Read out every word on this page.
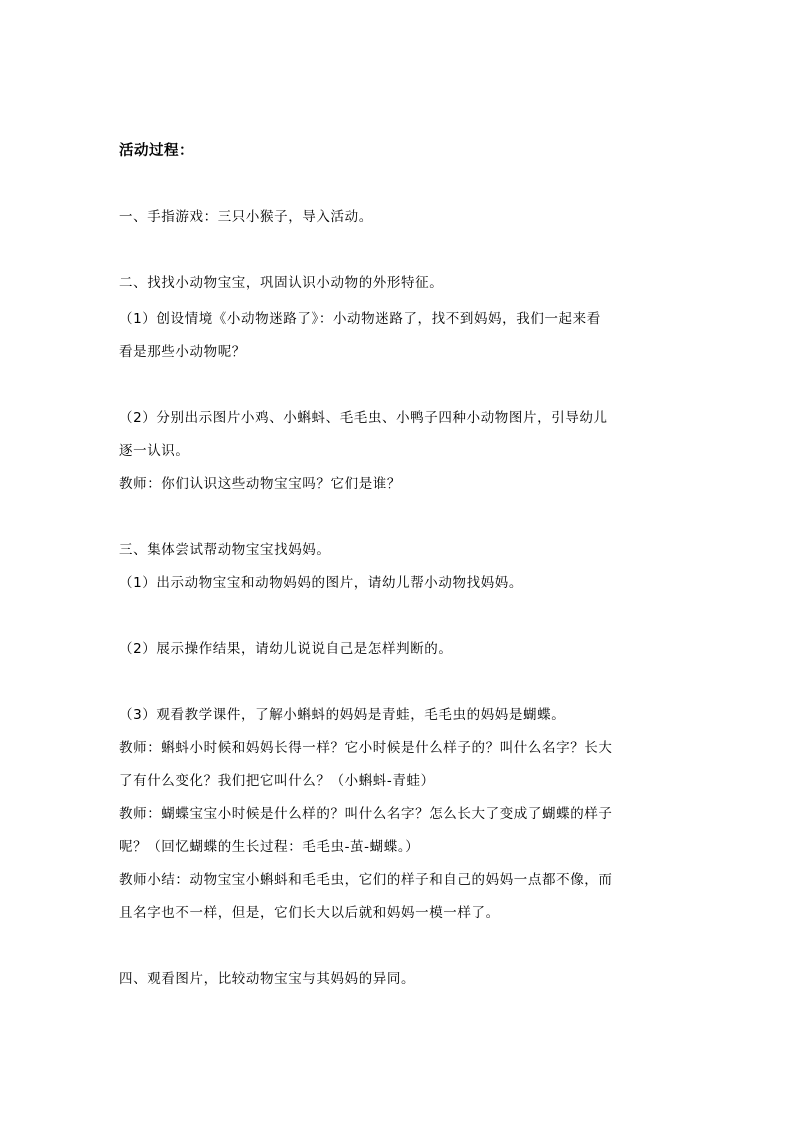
活动过程：
一、手指游戏：三只小猴子，导入活动。
二、找找小动物宝宝，巩固认识小动物的外形特征。
（1）创设情境《小动物迷路了》：小动物迷路了，找不到妈妈，我们一起来看
看是那些小动物呢？
（2）分别出示图片小鸡、小蝌蚪、毛毛虫、小鸭子四种小动物图片，引导幼儿
逐一认识。
教师：你们认识这些动物宝宝吗？它们是谁？
三、集体尝试帮动物宝宝找妈妈。
（1）出示动物宝宝和动物妈妈的图片，请幼儿帮小动物找妈妈。
（2）展示操作结果，请幼儿说说自己是怎样判断的。
（3）观看教学课件，了解小蝌蚪的妈妈是青蛙，毛毛虫的妈妈是蝴蝶。
教师：蝌蚪小时候和妈妈长得一样？它小时候是什么样子的？叫什么名字？长大
了有什么变化？我们把它叫什么？（小蝌蚪-青蛙）
教师：蝴蝶宝宝小时候是什么样的？叫什么名字？怎么长大了变成了蝴蝶的样子
呢？（回忆蝴蝶的生长过程：毛毛虫-茧-蝴蝶。）
教师小结：动物宝宝小蝌蚪和毛毛虫，它们的样子和自己的妈妈一点都不像，而
且名字也不一样，但是，它们长大以后就和妈妈一模一样了。
四、观看图片，比较动物宝宝与其妈妈的异同。
